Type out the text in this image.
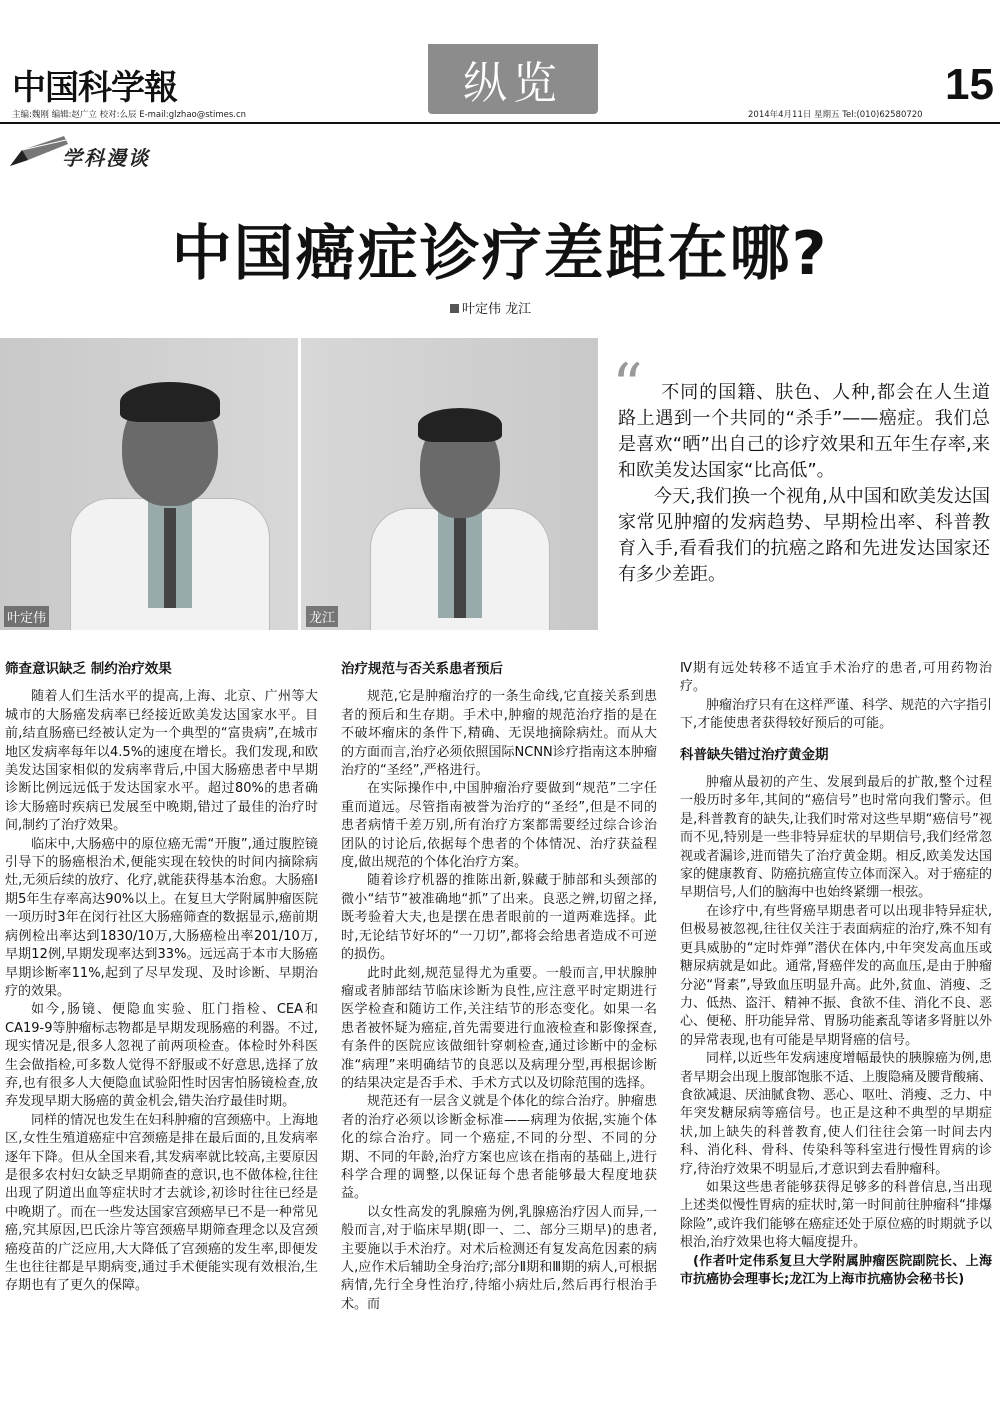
中国科学報
主编:魏刚 编辑:赵广立 校对:么辰 E-mail:glzhao@stimes.cn
纵览	15
2014年4月11日 星期五 Tel:(010)62580720
学科漫谈
中国癌症诊疗差距在哪?
叶定伟 龙江
叶定伟	龙江
“	不同的国籍、肤色、人种,都会在人生道路上遇到一个共同的“杀手”——癌症。我们总是喜欢“晒”出自己的诊疗效果和五年生存率,来和欧美发达国家“比高低”。

今天,我们换一个视角,从中国和欧美发达国家常见肿瘤的发病趋势、早期检出率、科普教育入手,看看我们的抗癌之路和先进发达国家还有多少差距。

筛查意识缺乏 制约治疗效果

随着人们生活水平的提高,上海、北京、广州等大城市的大肠癌发病率已经接近欧美发达国家水平。目前,结直肠癌已经被认定为一个典型的“富贵病”,在城市地区发病率每年以4.5%的速度在增长。我们发现,和欧美发达国家相似的发病率背后,中国大肠癌患者中早期诊断比例远远低于发达国家水平。超过80%的患者确诊大肠癌时疾病已发展至中晚期,错过了最佳的治疗时间,制约了治疗效果。

临床中,大肠癌中的原位癌无需“开腹”,通过腹腔镜引导下的肠癌根治术,便能实现在较快的时间内摘除病灶,无须后续的放疗、化疗,就能获得基本治愈。大肠癌Ⅰ期5年生存率高达90%以上。在复旦大学附属肿瘤医院一项历时3年在闵行社区大肠癌筛查的数据显示,癌前期病例检出率达到1830/10万,大肠癌检出率201/10万,早期12例,早期发现率达到33%。远远高于本市大肠癌早期诊断率11%,起到了尽早发现、及时诊断、早期治疗的效果。

如今,肠镜、便隐血实验、肛门指检、CEA和CA19-9等肿瘤标志物都是早期发现肠癌的利器。不过,现实情况是,很多人忽视了前两项检查。体检时外科医生会做指检,可多数人觉得不舒服或不好意思,选择了放弃,也有很多人大便隐血试验阳性时因害怕肠镜检查,放弃发现早期大肠癌的黄金机会,错失治疗最佳时期。

同样的情况也发生在妇科肿瘤的宫颈癌中。上海地区,女性生殖道癌症中宫颈癌是排在最后面的,且发病率逐年下降。但从全国来看,其发病率就比较高,主要原因是很多农村妇女缺乏早期筛查的意识,也不做体检,往往出现了阴道出血等症状时才去就诊,初诊时往往已经是中晚期了。而在一些发达国家宫颈癌早已不是一种常见癌,究其原因,巴氏涂片等宫颈癌早期筛查理念以及宫颈癌疫苗的广泛应用,大大降低了宫颈癌的发生率,即便发生也往往都是早期病变,通过手术便能实现有效根治,生存期也有了更久的保障。

治疗规范与否关系患者预后

规范,它是肿瘤治疗的一条生命线,它直接关系到患者的预后和生存期。手术中,肿瘤的规范治疗指的是在不破坏瘤床的条件下,精确、无误地摘除病灶。而从大的方面而言,治疗必须依照国际NCNN诊疗指南这本肿瘤治疗的“圣经”,严格进行。

在实际操作中,中国肿瘤治疗要做到“规范”二字任重而道远。尽管指南被誉为治疗的“圣经”,但是不同的患者病情千差万别,所有治疗方案都需要经过综合诊治团队的讨论后,依据每个患者的个体情况、治疗获益程度,做出规范的个体化治疗方案。

随着诊疗机器的推陈出新,躲藏于肺部和头颈部的微小“结节”被准确地“抓”了出来。良恶之辨,切留之择,既考验着大夫,也是摆在患者眼前的一道两难选择。此时,无论结节好坏的“一刀切”,都将会给患者造成不可逆的损伤。

此时此刻,规范显得尤为重要。一般而言,甲状腺肿瘤或者肺部结节临床诊断为良性,应注意平时定期进行医学检查和随访工作,关注结节的形态变化。如果一名患者被怀疑为癌症,首先需要进行血液检查和影像探查,有条件的医院应该做细针穿刺检查,通过诊断中的金标准“病理”来明确结节的良恶以及病理分型,再根据诊断的结果决定是否手术、手术方式以及切除范围的选择。

规范还有一层含义就是个体化的综合治疗。肿瘤患者的治疗必须以诊断金标准——病理为依据,实施个体化的综合治疗。同一个癌症,不同的分型、不同的分期、不同的年龄,治疗方案也应该在指南的基础上,进行科学合理的调整,以保证每个患者能够最大程度地获益。

以女性高发的乳腺癌为例,乳腺癌治疗因人而异,一般而言,对于临床早期(即一、二、部分三期早)的患者,主要施以手术治疗。对术后检测还有复发高危因素的病人,应作术后辅助全身治疗;部分Ⅱ期和Ⅲ期的病人,可根据病情,先行全身性治疗,待缩小病灶后,然后再行根治手术。而

Ⅳ期有远处转移不适宜手术治疗的患者,可用药物治疗。

肿瘤治疗只有在这样严谨、科学、规范的六字指引下,才能使患者获得较好预后的可能。

科普缺失错过治疗黄金期

肿瘤从最初的产生、发展到最后的扩散,整个过程一般历时多年,其间的“癌信号”也时常向我们警示。但是,科普教育的缺失,让我们时常对这些早期“癌信号”视而不见,特别是一些非特异症状的早期信号,我们经常忽视或者漏诊,进而错失了治疗黄金期。相反,欧美发达国家的健康教育、防癌抗癌宣传立体而深入。对于癌症的早期信号,人们的脑海中也始终紧绷一根弦。

在诊疗中,有些肾癌早期患者可以出现非特异症状,但极易被忽视,往往仅关注于表面病症的治疗,殊不知有更具威胁的“定时炸弹”潜伏在体内,中年突发高血压或糖尿病就是如此。通常,肾癌伴发的高血压,是由于肿瘤分泌“肾素”,导致血压明显升高。此外,贫血、消瘦、乏力、低热、盗汗、精神不振、食欲不佳、消化不良、恶心、便秘、肝功能异常、胃肠功能紊乱等诸多肾脏以外的异常表现,也有可能是早期肾癌的信号。

同样,以近些年发病速度增幅最快的胰腺癌为例,患者早期会出现上腹部饱胀不适、上腹隐痛及腰背酸痛、食欲减退、厌油腻食物、恶心、呕吐、消瘦、乏力、中年突发糖尿病等癌信号。也正是这种不典型的早期症状,加上缺失的科普教育,使人们往往会第一时间去内科、消化科、骨科、传染科等科室进行慢性胃病的诊疗,待治疗效果不明显后,才意识到去看肿瘤科。

如果这些患者能够获得足够多的科普信息,当出现上述类似慢性胃病的症状时,第一时间前往肿瘤科“排爆除险”,或许我们能够在癌症还处于原位癌的时期就予以根治,治疗效果也将大幅度提升。

(作者叶定伟系复旦大学附属肿瘤医院副院长、上海市抗癌协会理事长;龙江为上海市抗癌协会秘书长)
